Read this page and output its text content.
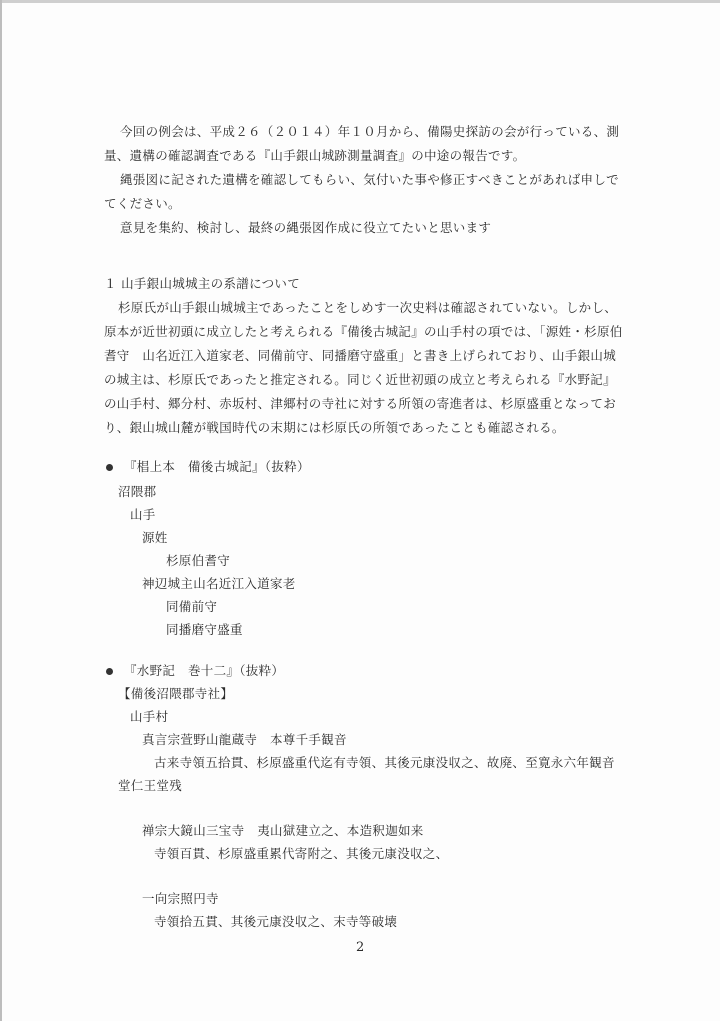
今回の例会は、平成２６（２０１４）年１０月から、備陽史探訪の会が行っている、測
量、遺構の確認調査である『山手銀山城跡測量調査』の中途の報告です。
縄張図に記された遺構を確認してもらい、気付いた事や修正すべきことがあれば申しで
てください。
意見を集約、検討し、最終の縄張図作成に役立てたいと思います
１ 山手銀山城城主の系譜について
杉原氏が山手銀山城城主であったことをしめす一次史料は確認されていない。しかし、
原本が近世初頭に成立したと考えられる『備後古城記』の山手村の項では、「源姓・杉原伯
耆守　山名近江入道家老、同備前守、同播磨守盛重」と書き上げられており、山手銀山城
の城主は、杉原氏であったと推定される。同じく近世初頭の成立と考えられる『水野記』
の山手村、郷分村、赤坂村、津郷村の寺社に対する所領の寄進者は、杉原盛重となってお
り、銀山城山麓が戦国時代の末期には杉原氏の所領であったことも確認される。
『椙上本　備後古城記』（抜粋）
沼隈郡
山手
源姓
杉原伯耆守
神辺城主山名近江入道家老
同備前守
同播磨守盛重
『水野記　巻十二』（抜粋）
【備後沼隈郡寺社】
山手村
真言宗萱野山龍蔵寺　本尊千手観音
古来寺領五拾貫、杉原盛重代迄有寺領、其後元康没収之、故廃、至寛永六年観音
堂仁王堂残
禅宗大鏡山三宝寺　夷山獄建立之、本造釈迦如来
寺領百貫、杉原盛重累代寄附之、其後元康没収之、
一向宗照円寺
寺領拾五貫、其後元康没収之、末寺等破壊
2
